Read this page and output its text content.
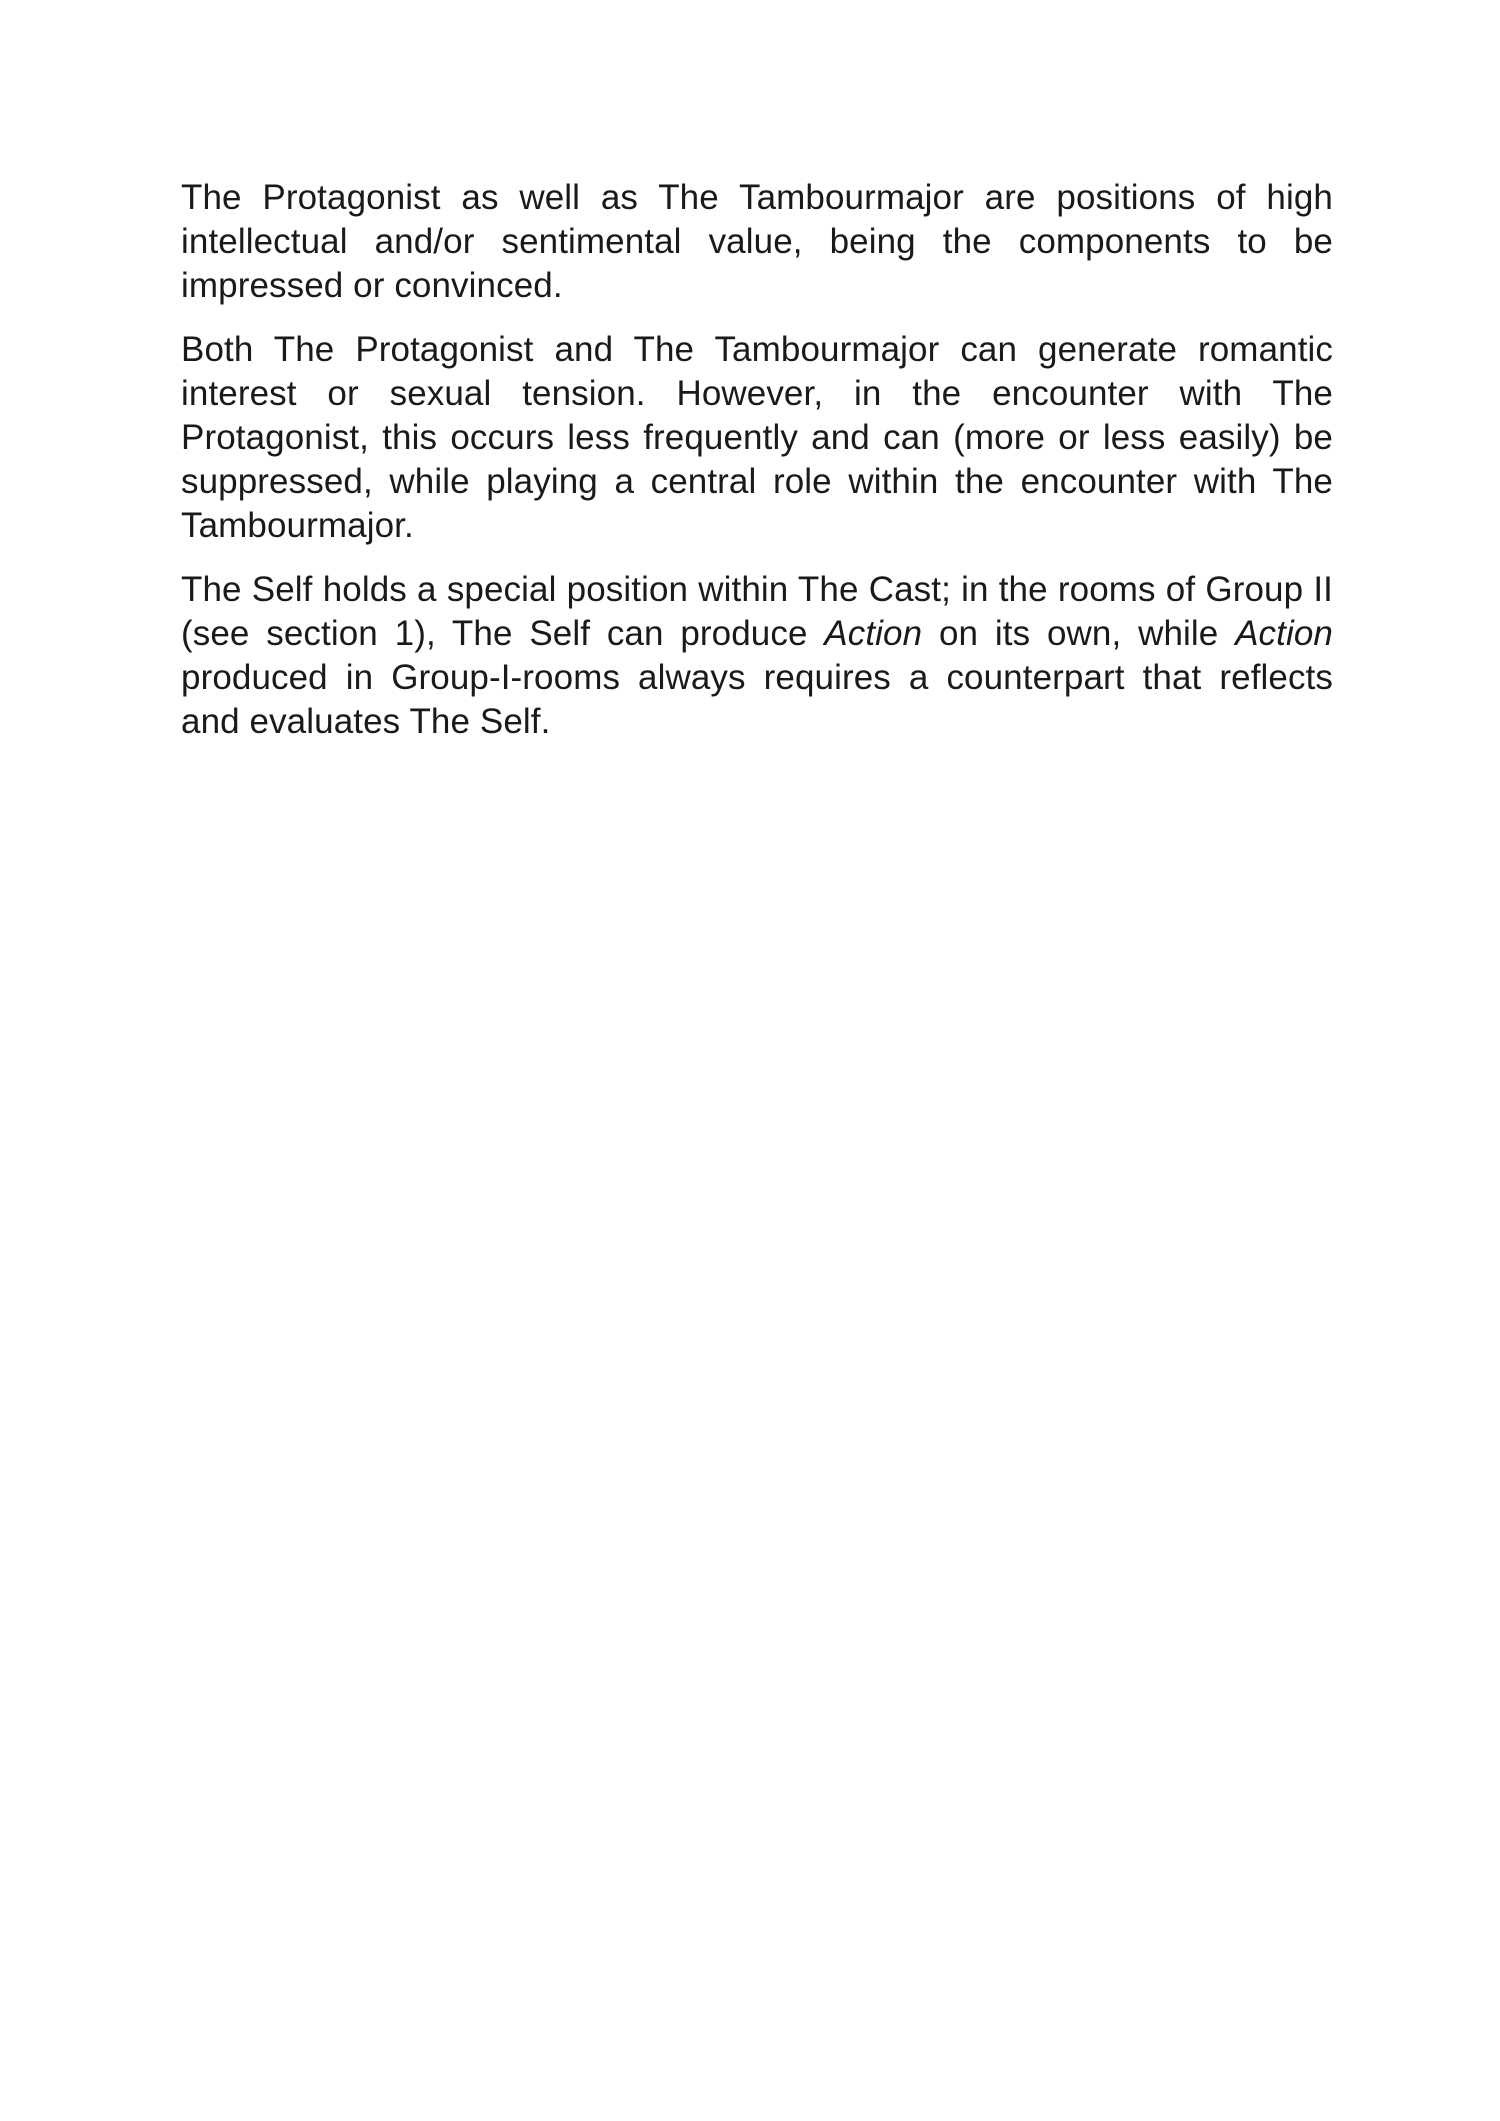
The Protagonist as well as The Tambourmajor are positions of high intellectual and/or sentimental value, being the components to be impressed or convinced.

Both The Protagonist and The Tambourmajor can generate romantic interest or sexual tension. However, in the encounter with The Protagonist, this occurs less frequently and can (more or less easily) be suppressed, while playing a central role within the encounter with The Tambourmajor.

The Self holds a special position within The Cast; in the rooms of Group II (see section 1), The Self can produce Action on its own, while Action produced in Group-I-rooms always requires a counterpart that reflects and evaluates The Self.
